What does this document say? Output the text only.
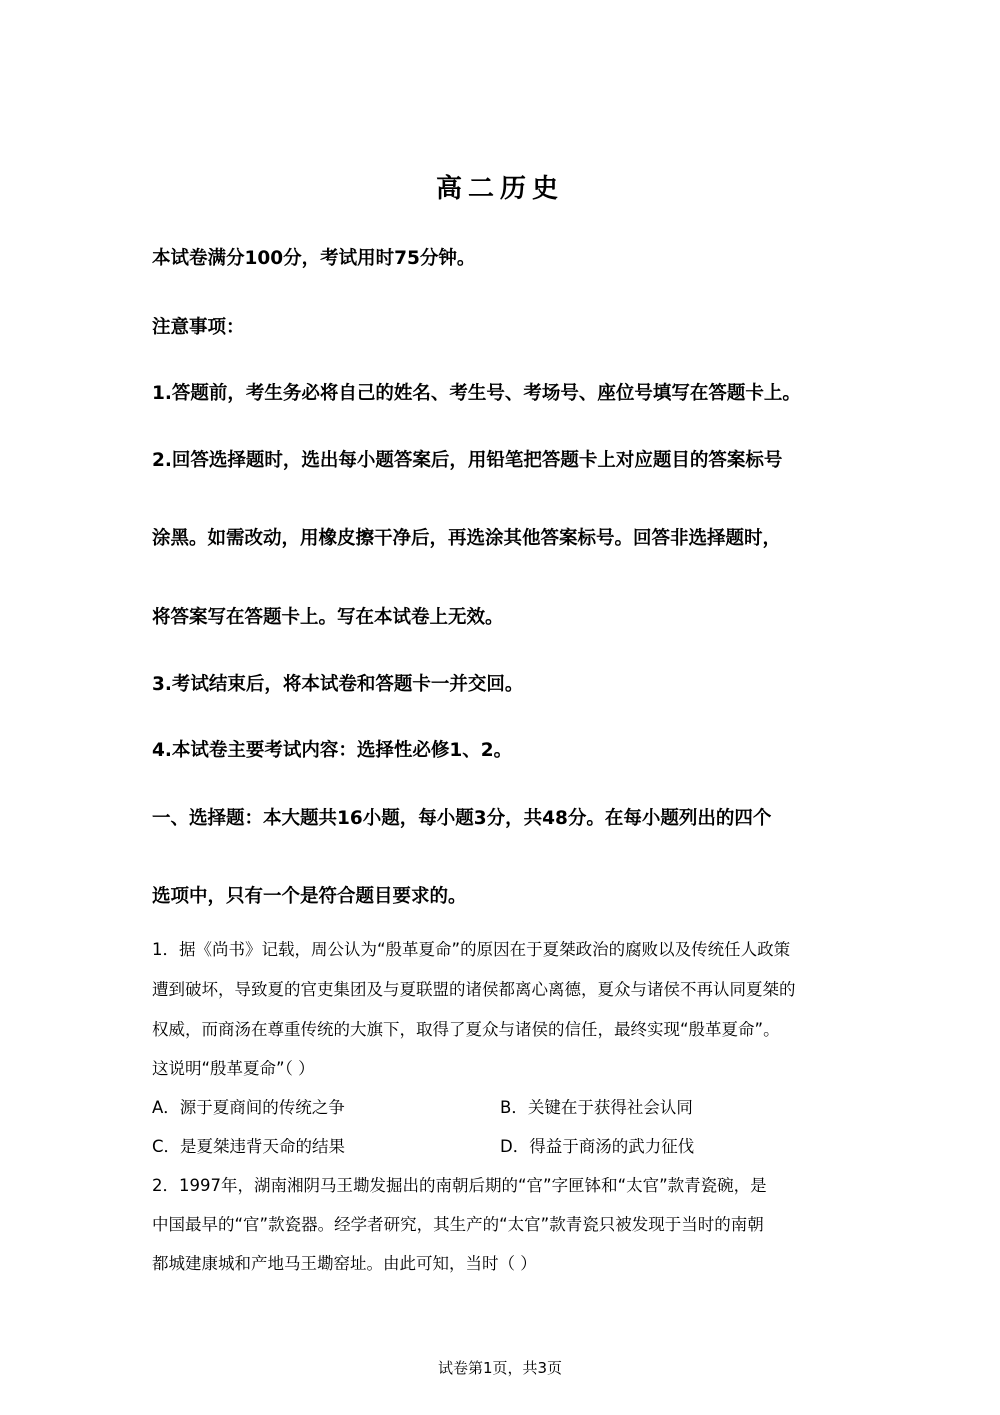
高二历史
本试卷满分100分，考试用时75分钟。
注意事项：
1.答题前，考生务必将自己的姓名、考生号、考场号、座位号填写在答题卡上。
2.回答选择题时，选出每小题答案后，用铅笔把答题卡上对应题目的答案标号
涂黑。如需改动，用橡皮擦干净后，再选涂其他答案标号。回答非选择题时，
将答案写在答题卡上。写在本试卷上无效。
3.考试结束后，将本试卷和答题卡一并交回。
4.本试卷主要考试内容：选择性必修1、2。
一、选择题：本大题共16小题，每小题3分，共48分。在每小题列出的四个
选项中，只有一个是符合题目要求的。
1．据《尚书》记载，周公认为“殷革夏命”的原因在于夏桀政治的腐败以及传统任人政策
遭到破坏，导致夏的官吏集团及与夏联盟的诸侯都离心离德，夏众与诸侯不再认同夏桀的
权威，而商汤在尊重传统的大旗下，取得了夏众与诸侯的信任，最终实现“殷革夏命”。
这说明“殷革夏命”（ ）
A．源于夏商间的传统之争	B．关键在于获得社会认同
C．是夏桀违背天命的结果	D．得益于商汤的武力征伐
2．1997年，湖南湘阴马王墈发掘出的南朝后期的“官”字匣钵和“太官”款青瓷碗，是
中国最早的“官”款瓷器。经学者研究，其生产的“太官”款青瓷只被发现于当时的南朝
都城建康城和产地马王墈窑址。由此可知，当时（ ）
试卷第1页，共3页
